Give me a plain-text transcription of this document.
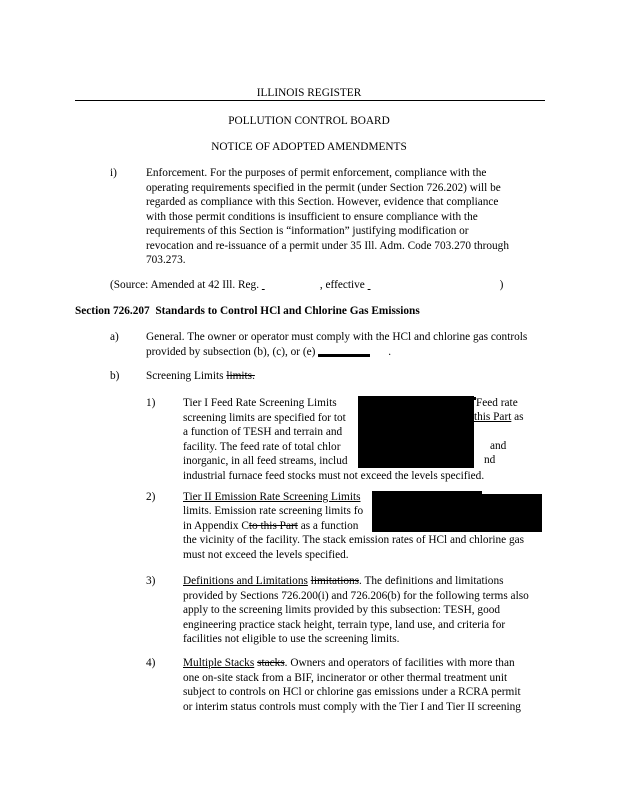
ILLINOIS REGISTER
POLLUTION CONTROL BOARD
NOTICE OF ADOPTED AMENDMENTS
i)	Enforcement. For the purposes of permit enforcement, compliance with the
operating requirements specified in the permit (under Section 726.202) will be
regarded as compliance with this Section. However, evidence that compliance
with those permit conditions is insufficient to ensure compliance with the
requirements of this Section is “information” justifying modification or
revocation and re-issuance of a permit under 35 Ill. Adm. Code 703.270 through
703.273.
(Source: Amended at 42 Ill. Reg.	, effective	)
Section 726.207 Standards to Control HCl and Chlorine Gas Emissions
a) General. The owner or operator must comply with the HCl and chlorine gas controls
provided by subsection (b), (c), or (e)	.
b) Screening Limits limits.
1) Tier I Feed Rate Screening Limits
screening limits are specified for tot
a function of TESH and terrain and
facility. The feed rate of total chlor
inorganic, in all feed streams, includ
industrial furnace feed stocks must not exceed the levels specified.
Feed rate
this Part as
and
nd
2) Tier II Emission Rate Screening Limits
limits. Emission rate screening limits fo
in Appendix Cto this Part as a function
the vicinity of the facility. The stack emission rates of HCl and chlorine gas
must not exceed the levels specified.
3) Definitions and Limitations limitations. The definitions and limitations
provided by Sections 726.200(i) and 726.206(b) for the following terms also
apply to the screening limits provided by this subsection: TESH, good
engineering practice stack height, terrain type, land use, and criteria for
facilities not eligible to use the screening limits.
4) Multiple Stacks stacks. Owners and operators of facilities with more than
one on-site stack from a BIF, incinerator or other thermal treatment unit
subject to controls on HCl or chlorine gas emissions under a RCRA permit
or interim status controls must comply with the Tier I and Tier II screening
